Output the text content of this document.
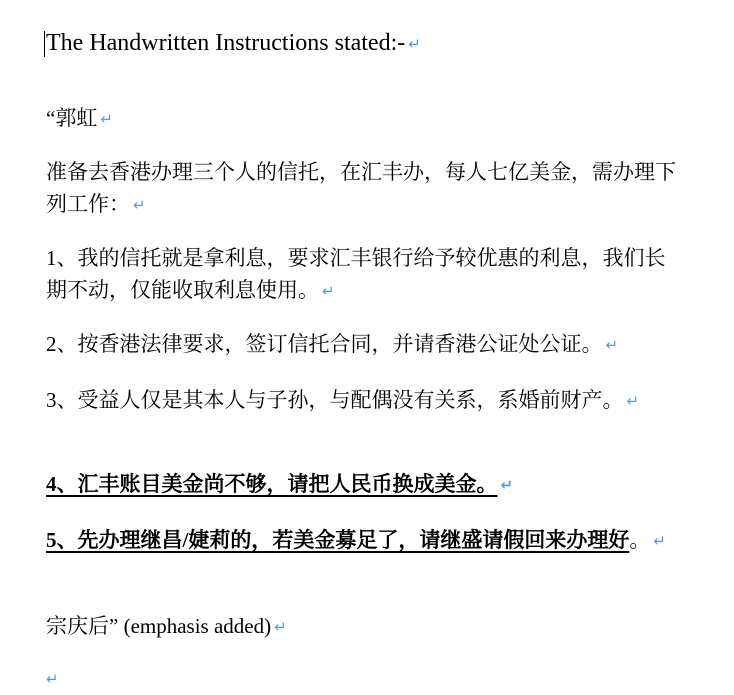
The Handwritten Instructions stated:- ↵
“郭虹 ↵
准备去香港办理三个人的信托，在汇丰办，每人七亿美金，需办理下列工作： ↵
1、我的信托就是拿利息，要求汇丰银行给予较优惠的利息，我们长期不动，仅能收取利息使用。 ↵
2、按香港法律要求，签订信托合同，并请香港公证处公证。 ↵
3、受益人仅是其本人与子孙，与配偶没有关系，系婚前财产。 ↵
4、汇丰账目美金尚不够，请把人民币换成美金。 ↵
5、先办理继昌/婕莉的，若美金募足了，请继盛请假回来办理好。 ↵
宗庆后” (emphasis added) ↵
↵
